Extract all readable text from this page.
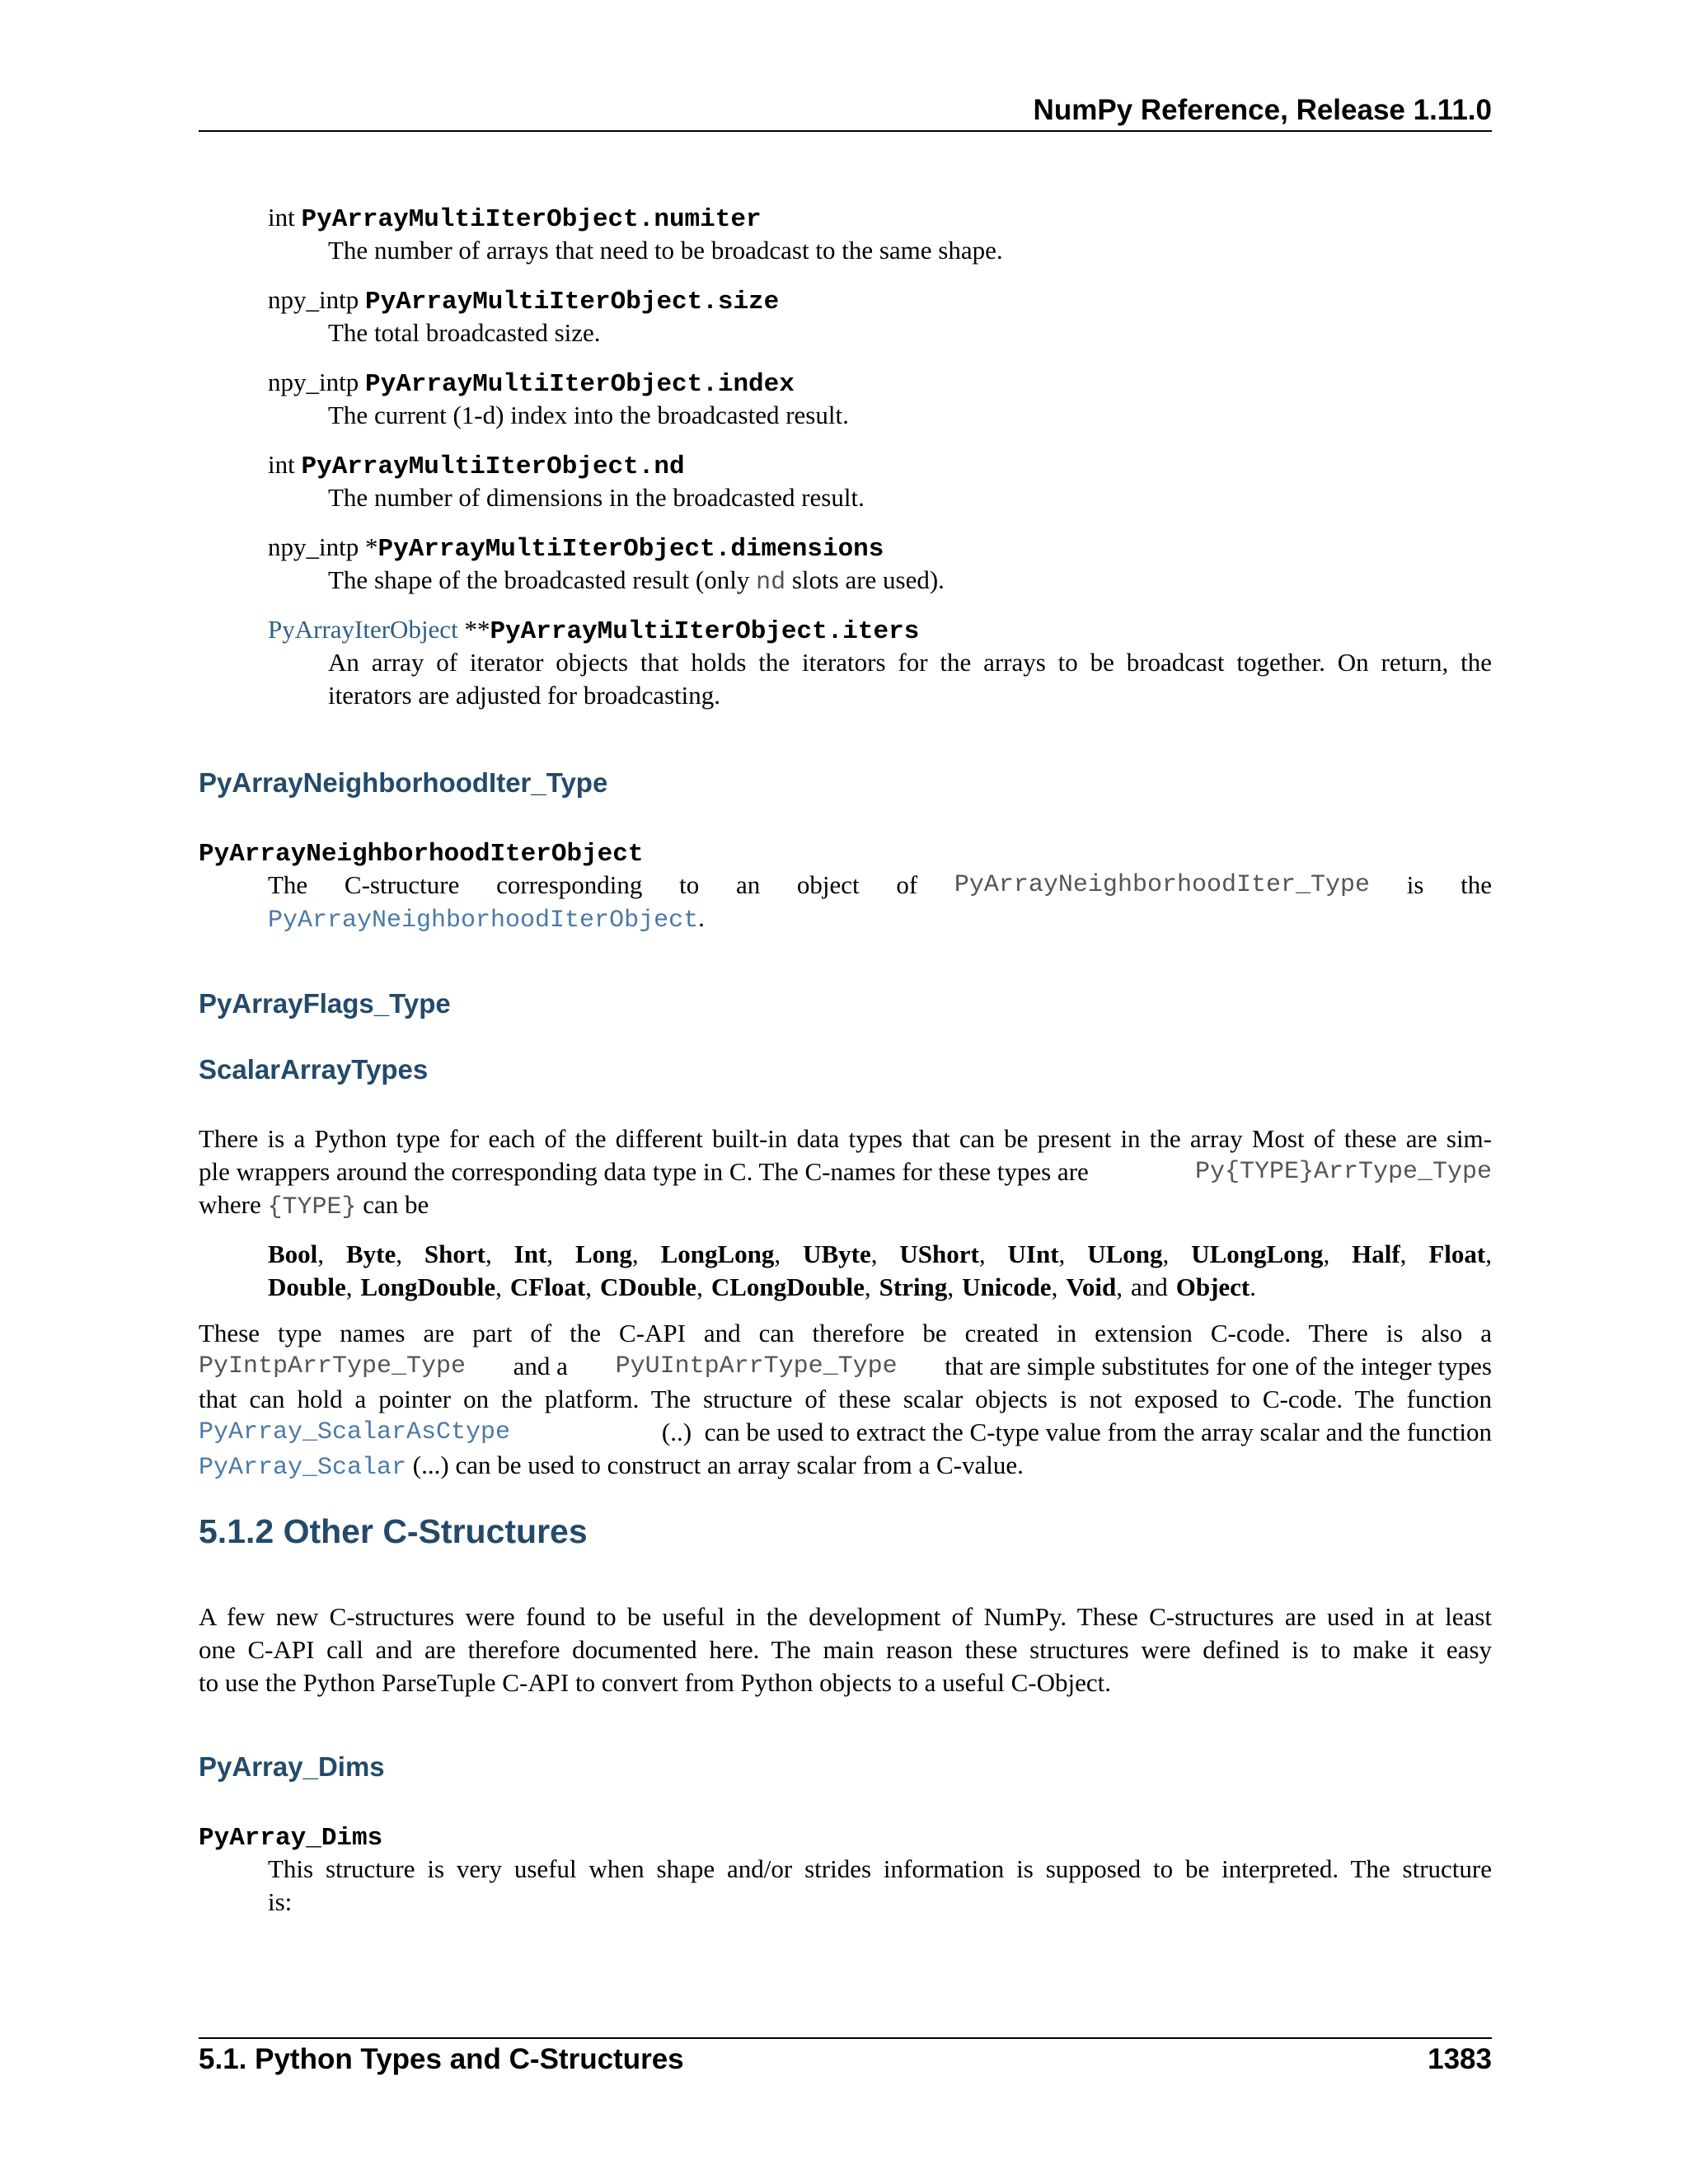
NumPy Reference, Release 1.11.0
int PyArrayMultiIterObject.numiter
The number of arrays that need to be broadcast to the same shape.
npy_intp PyArrayMultiIterObject.size
The total broadcasted size.
npy_intp PyArrayMultiIterObject.index
The current (1-d) index into the broadcasted result.
int PyArrayMultiIterObject.nd
The number of dimensions in the broadcasted result.
npy_intp *PyArrayMultiIterObject.dimensions
The shape of the broadcasted result (only nd slots are used).
PyArrayIterObject **PyArrayMultiIterObject.iters
An array of iterator objects that holds the iterators for the arrays to be broadcast together. On return, the
iterators are adjusted for broadcasting.
PyArrayNeighborhoodIter_Type
PyArrayNeighborhoodIterObject
The C-structure corresponding to an object of PyArrayNeighborhoodIter_Type is the
PyArrayNeighborhoodIterObject.
PyArrayFlags_Type
ScalarArrayTypes
There is a Python type for each of the different built-in data types that can be present in the array Most of these are sim-
ple wrappers around the corresponding data type in C. The C-names for these types are	Py{TYPE}ArrType_Type
where {TYPE} can be
Bool, Byte, Short, Int, Long, LongLong, UByte, UShort, UInt, ULong, ULongLong, Half, Float,
Double, LongDouble, CFloat, CDouble, CLongDouble, String, Unicode, Void, and Object.
These type names are part of the C-API and can therefore be created in extension C-code. There is also a
PyIntpArrType_Type and a PyUIntpArrType_Type that are simple substitutes for one of the integer types
that can hold a pointer on the platform. The structure of these scalar objects is not exposed to C-code. The function
PyArray_ScalarAsCtype	(..)  can be used to extract the C-type value from the array scalar and the function
PyArray_Scalar (...) can be used to construct an array scalar from a C-value.
5.1.2 Other C-Structures
A few new C-structures were found to be useful in the development of NumPy. These C-structures are used in at least
one C-API call and are therefore documented here. The main reason these structures were defined is to make it easy
to use the Python ParseTuple C-API to convert from Python objects to a useful C-Object.
PyArray_Dims
PyArray_Dims
This structure is very useful when shape and/or strides information is supposed to be interpreted. The structure
is:
5.1. Python Types and C-Structures	1383
